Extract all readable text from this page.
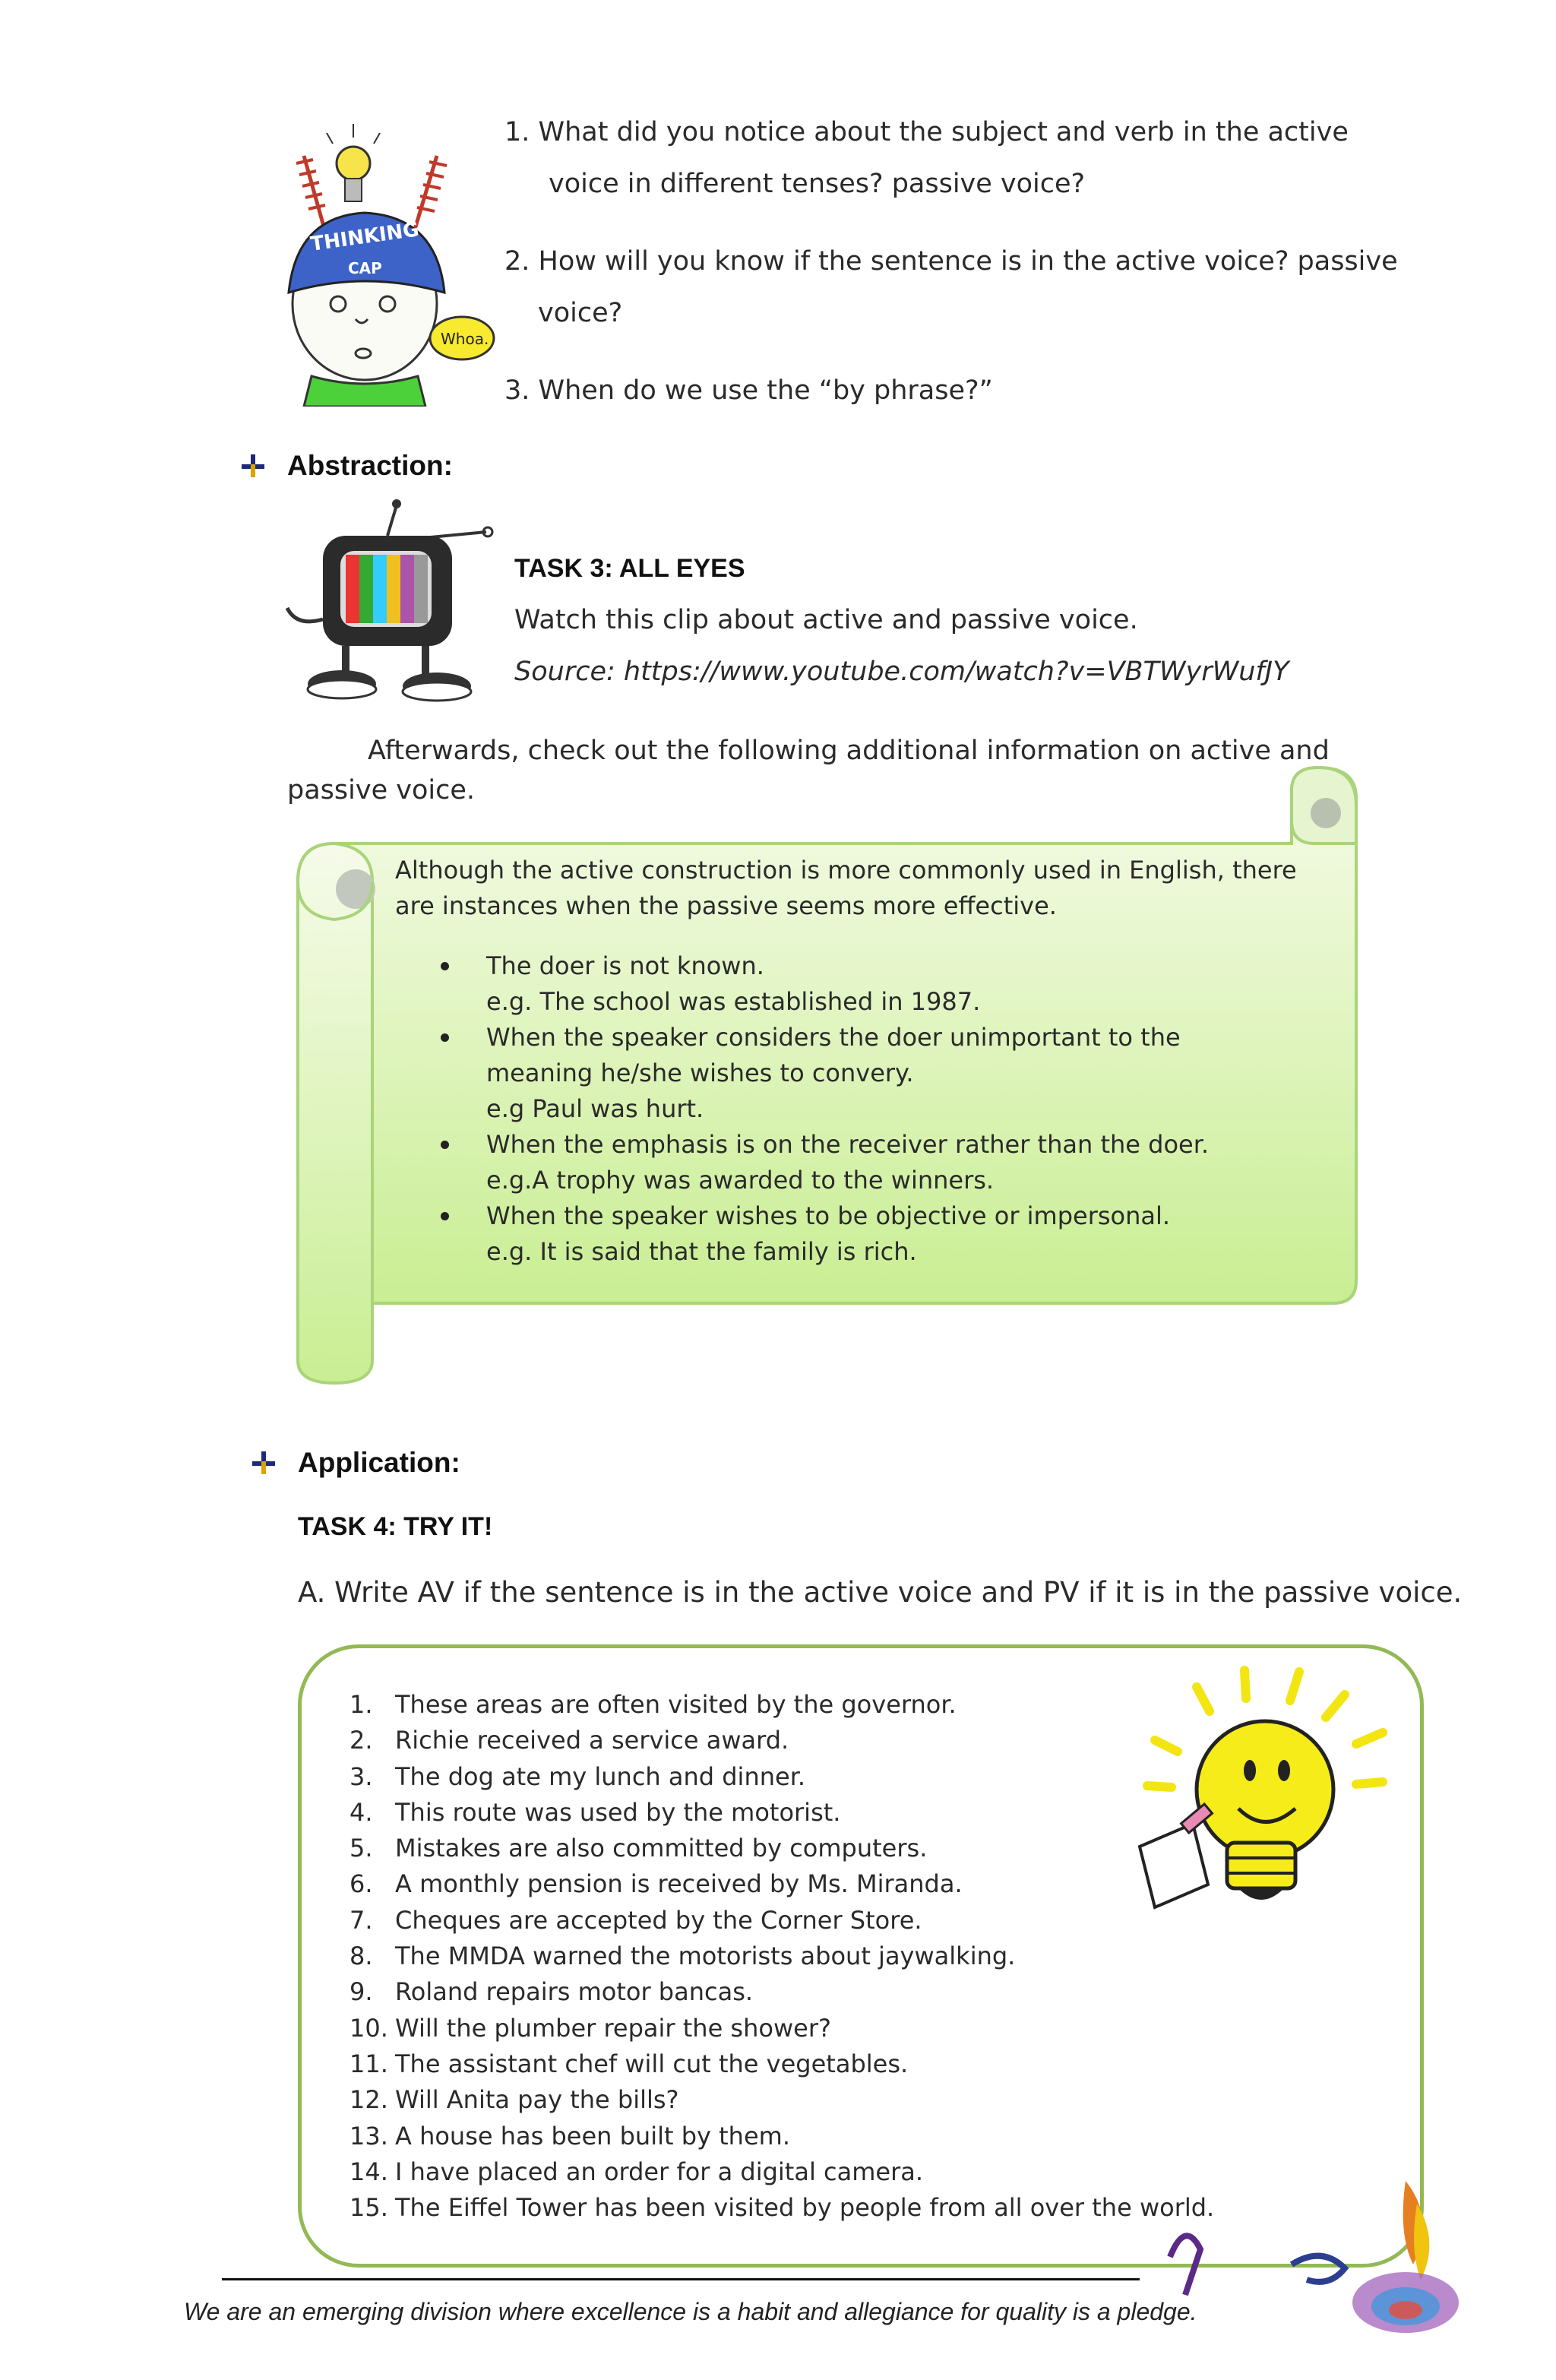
THINKING
CAP
Whoa.
1. What did you notice about the subject and verb in the active
voice in different tenses? passive voice?
2. How will you know if the sentence is in the active voice? passive
voice?
3. When do we use the “by phrase?”
Abstraction:
TASK 3: ALL EYES
Watch this clip about active and passive voice.
Source: https://www.youtube.com/watch?v=VBTWyrWufJY
Afterwards, check out the following additional information on active and
passive voice.
Although the active construction is more commonly used in English, there
are instances when the passive seems more effective.
The doer is not known.
e.g. The school was established in 1987.
When the speaker considers the doer unimportant to the
meaning he/she wishes to convery.
e.g Paul was hurt.
When the emphasis is on the receiver rather than the doer.
e.g.A trophy was awarded to the winners.
When the speaker wishes to be objective or impersonal.
e.g. It is said that the family is rich.
Application:
TASK 4: TRY IT!
A. Write AV if the sentence is in the active voice and PV if it is in the passive voice.
1. These areas are often visited by the governor.
2. Richie received a service award.
3. The dog ate my lunch and dinner.
4. This route was used by the motorist.
5. Mistakes are also committed by computers.
6. A monthly pension is received by Ms. Miranda.
7. Cheques are accepted by the Corner Store.
8. The MMDA warned the motorists about jaywalking.
9. Roland repairs motor bancas.
10. Will the plumber repair the shower?
11. The assistant chef will cut the vegetables.
12. Will Anita pay the bills?
13. A house has been built by them.
14. I have placed an order for a digital camera.
15. The Eiffel Tower has been visited by people from all over the world.
We are an emerging division where excellence is a habit and allegiance for quality is a pledge.
